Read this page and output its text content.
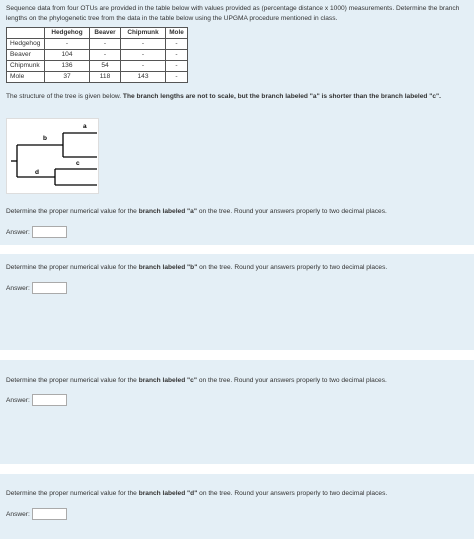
Sequence data from four OTUs are provided in the table below with values provided as (percentage distance x 1000) measurements. Determine the branch lengths on the phylogenetic tree from the data in the table below using the UPGMA procedure mentioned in class.

	Hedgehog	Beaver	Chipmunk	Mole
Hedgehog	-	-	-	-
Beaver	104	-	-	-
Chipmunk	136	54	-	-
Mole	37	118	143	-
The structure of the tree is given below. The branch lengths are not to scale, but the branch labeled "a" is shorter than the branch labeled "c".
a
b
c
d
Determine the proper numerical value for the branch labeled "a" on the tree. Round your answers properly to two decimal places.
Answer:
Determine the proper numerical value for the branch labeled "b" on the tree. Round your answers properly to two decimal places.
Answer:
Determine the proper numerical value for the branch labeled "c" on the tree. Round your answers properly to two decimal places.
Answer:
Determine the proper numerical value for the branch labeled "d" on the tree. Round your answers properly to two decimal places.
Answer:
